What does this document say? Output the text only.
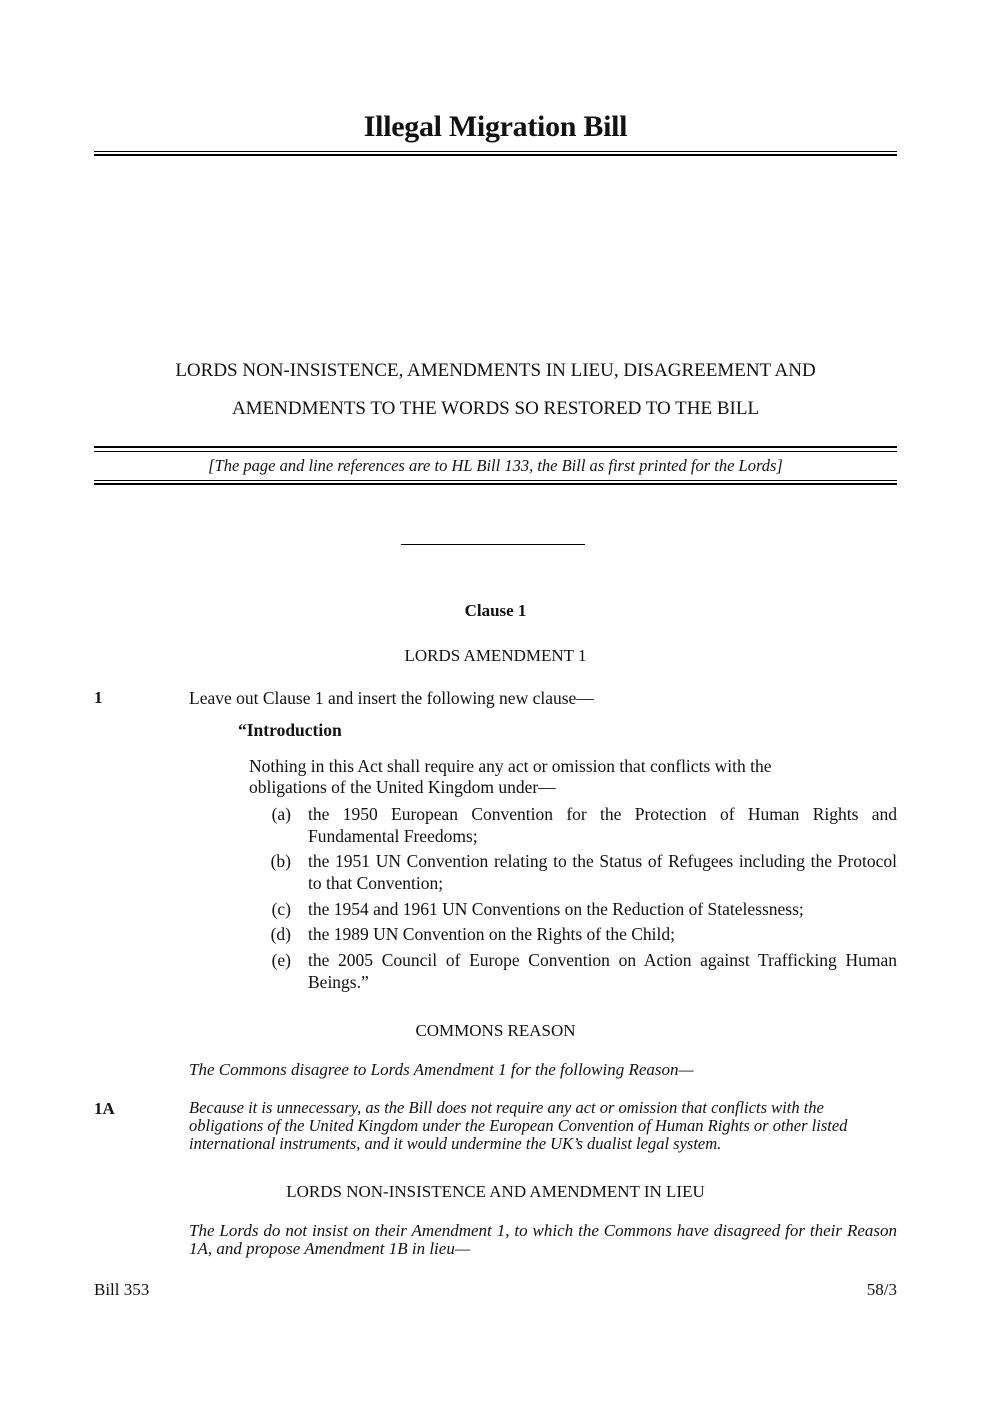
Illegal Migration Bill
LORDS NON-INSISTENCE, AMENDMENTS IN LIEU, DISAGREEMENT AND
AMENDMENTS TO THE WORDS SO RESTORED TO THE BILL
[The page and line references are to HL Bill 133, the Bill as first printed for the Lords]
Clause 1
LORDS AMENDMENT 1
1	Leave out Clause 1 and insert the following new clause—
“Introduction
Nothing in this Act shall require any act or omission that conflicts with the
obligations of the United Kingdom under—
(a) the 1950 European Convention for the Protection of Human Rights and Fundamental Freedoms;
(b) the 1951 UN Convention relating to the Status of Refugees including the Protocol to that Convention;
(c) the 1954 and 1961 UN Conventions on the Reduction of Statelessness;
(d) the 1989 UN Convention on the Rights of the Child;
(e) the 2005 Council of Europe Convention on Action against Trafficking Human Beings.”
COMMONS REASON
The Commons disagree to Lords Amendment 1 for the following Reason—
1A	Because it is unnecessary, as the Bill does not require any act or omission that conflicts with the obligations of the United Kingdom under the European Convention of Human Rights or other listed international instruments, and it would undermine the UK’s dualist legal system.
LORDS NON-INSISTENCE AND AMENDMENT IN LIEU
The Lords do not insist on their Amendment 1, to which the Commons have disagreed for their Reason 1A, and propose Amendment 1B in lieu—
Bill 353	58/3
